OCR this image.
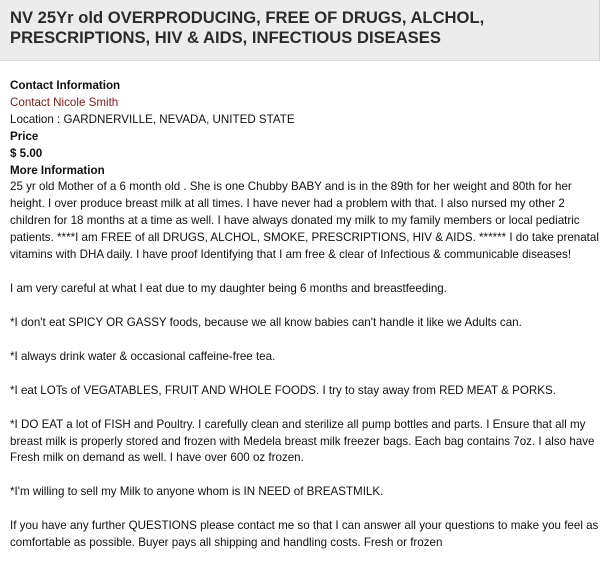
NV 25Yr old OVERPRODUCING, FREE OF DRUGS, ALCHOL, PRESCRIPTIONS, HIV & AIDS, INFECTIOUS DISEASES
Contact Information
Contact Nicole Smith
Location : GARDNERVILLE, NEVADA, UNITED STATE
Price
$ 5.00
More Information

25 yr old Mother of a 6 month old . She is one Chubby BABY and is in the 89th for her weight and 80th for her height. I over produce breast milk at all times. I have never had a problem with that. I also nursed my other 2 children for 18 months at a time as well. I have always donated my milk to my family members or local pediatric patients. ****I am FREE of all DRUGS, ALCHOL, SMOKE, PRESCRIPTIONS, HIV & AIDS. ****** I do take prenatal vitamins with DHA daily. I have proof Identifying that I am free & clear of Infectious & communicable diseases!

I am very careful at what I eat due to my daughter being 6 months and breastfeeding.

*I don't eat SPICY OR GASSY foods, because we all know babies can't handle it like we Adults can.

*I always drink water & occasional caffeine-free tea.

*I eat LOTs of VEGATABLES, FRUIT AND WHOLE FOODS. I try to stay away from RED MEAT & PORKS.

*I DO EAT a lot of FISH and Poultry. I carefully clean and sterilize all pump bottles and parts. I Ensure that all my breast milk is properly stored and frozen with Medela breast milk freezer bags. Each bag contains 7oz. I also have Fresh milk on demand as well. I have over 600 oz frozen.

*I'm willing to sell my Milk to anyone whom is IN NEED of BREASTMILK.

If you have any further QUESTIONS please contact me so that I can answer all your questions to make you feel as comfortable as possible. Buyer pays all shipping and handling costs. Fresh or frozen
